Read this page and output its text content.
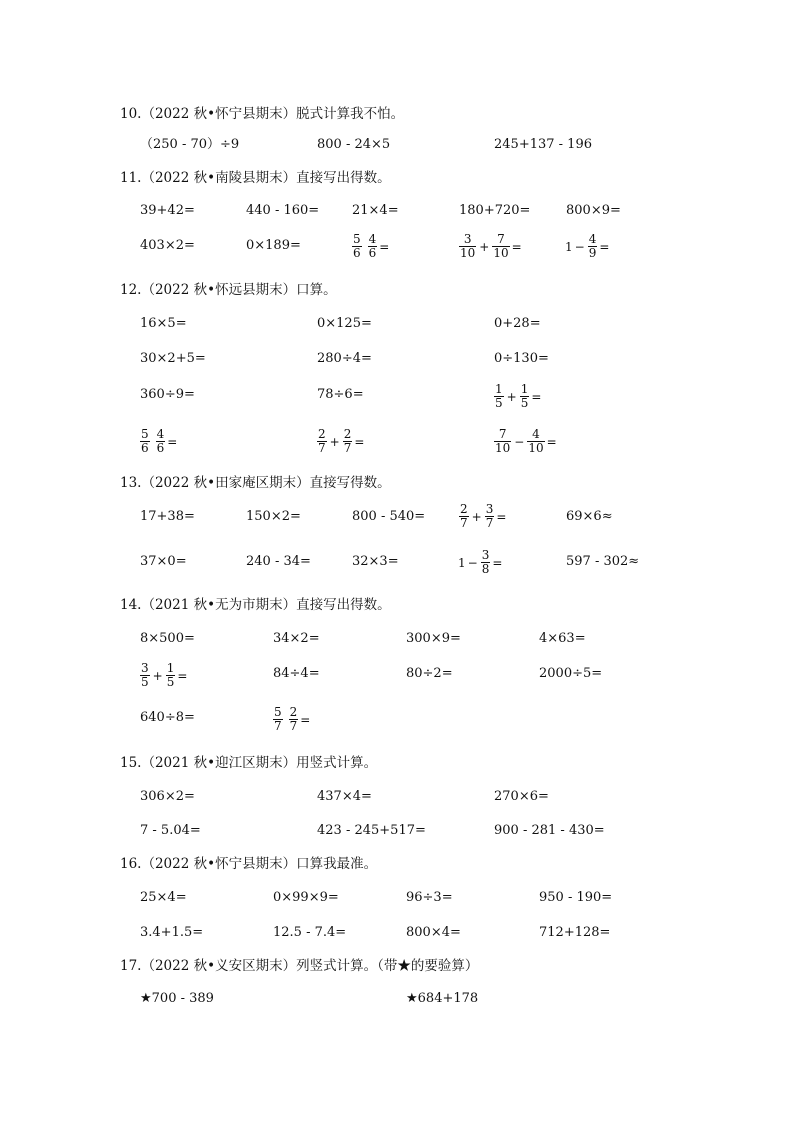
10.（2022 秋•怀宁县期末）脱式计算我不怕。
（250 - 70）÷9	800 - 24×5	245+137 - 196
11.（2022 秋•南陵县期末）直接写出得数。
39+42=	440 - 160=	21×4=	180+720=	800×9=
403×2=	0×189=	$\frac{5}{6} \frac{4}{6}$ =	$\frac{3}{10} + \frac{7}{10}$ =	$1 - \frac{4}{9}$ =
12.（2022 秋•怀远县期末）口算。
16×5=	0×125=	0+28=
30×2+5=	280÷4=	0÷130=
360÷9=	78÷6=	$\frac{1}{5} + \frac{1}{5}$ =
$\frac{5}{6} \frac{4}{6}$ =	$\frac{2}{7} + \frac{2}{7}$ =	$\frac{7}{10} - \frac{4}{10}$ =
13.（2022 秋•田家庵区期末）直接写得数。
17+38=	150×2=	800 - 540=	$\frac{2}{7} + \frac{3}{7}$ =	69×6≈
37×0=	240 - 34=	32×3=	$1 - \frac{3}{8}$ =	597 - 302≈
14.（2021 秋•无为市期末）直接写出得数。
8×500=	34×2=	300×9=	4×63=
$\frac{3}{5} + \frac{1}{5}$ =	84÷4=	80÷2=	2000÷5=
640÷8=	$\frac{5}{7} \frac{2}{7}$ =
15.（2021 秋•迎江区期末）用竖式计算。
306×2=	437×4=	270×6=
7 - 5.04=	423 - 245+517=	900 - 281 - 430=
16.（2022 秋•怀宁县期末）口算我最准。
25×4=	0×99×9=	96÷3=	950 - 190=
3.4+1.5=	12.5 - 7.4=	800×4=	712+128=
17.（2022 秋•义安区期末）列竖式计算。（带★的要验算）
★700 - 389	★684+178
